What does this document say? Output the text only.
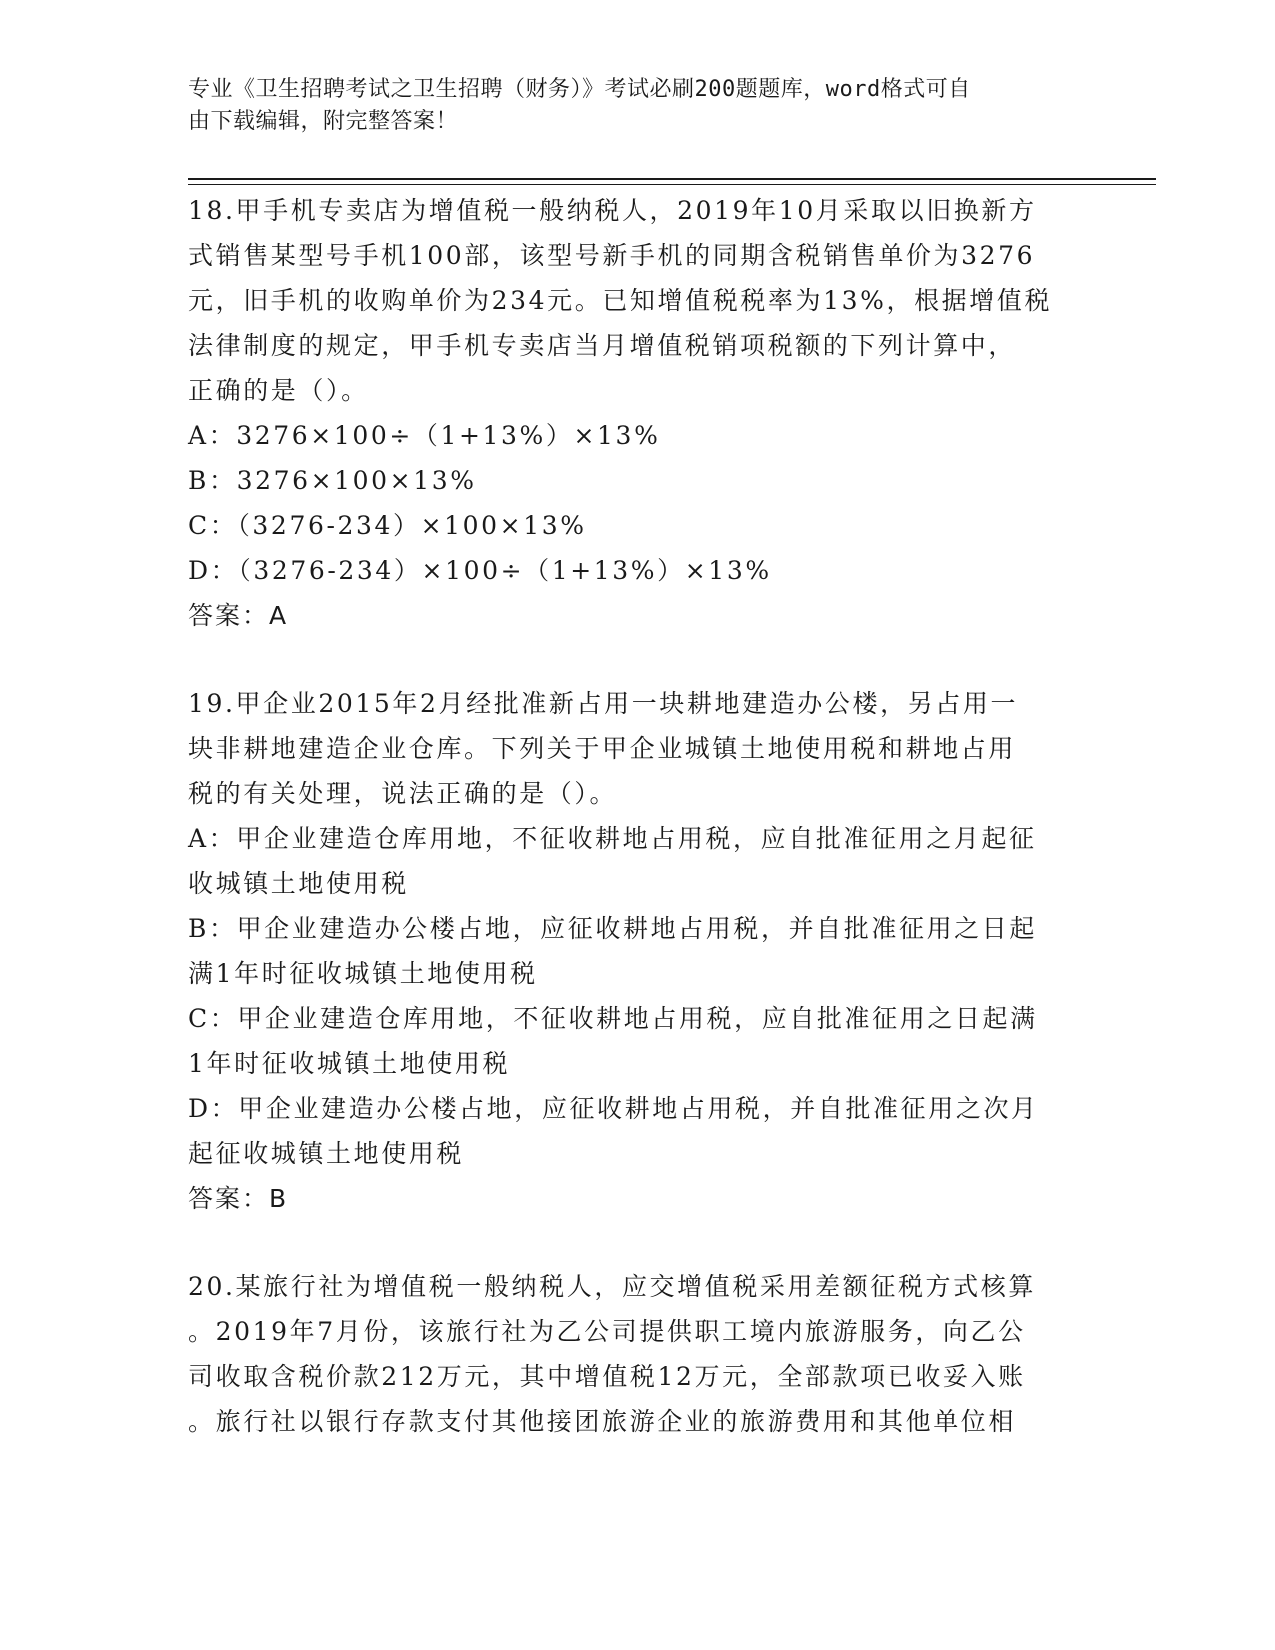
专业《卫生招聘考试之卫生招聘（财务）》考试必刷200题题库，word格式可自
由下载编辑，附完整答案！
18.甲手机专卖店为增值税一般纳税人，2019年10月采取以旧换新方
式销售某型号手机100部，该型号新手机的同期含税销售单价为3276
元，旧手机的收购单价为234元。已知增值税税率为13%，根据增值税
法律制度的规定，甲手机专卖店当月增值税销项税额的下列计算中，
正确的是（）。
A：3276×100÷（1+13%）×13%
B：3276×100×13%
C：（3276-234）×100×13%
D：（3276-234）×100÷（1+13%）×13%
答案：A
19.甲企业2015年2月经批准新占用一块耕地建造办公楼，另占用一
块非耕地建造企业仓库。下列关于甲企业城镇土地使用税和耕地占用
税的有关处理，说法正确的是（）。
A：甲企业建造仓库用地，不征收耕地占用税，应自批准征用之月起征
收城镇土地使用税
B：甲企业建造办公楼占地，应征收耕地占用税，并自批准征用之日起
满1年时征收城镇土地使用税
C：甲企业建造仓库用地，不征收耕地占用税，应自批准征用之日起满
1年时征收城镇土地使用税
D：甲企业建造办公楼占地，应征收耕地占用税，并自批准征用之次月
起征收城镇土地使用税
答案：B
20.某旅行社为增值税一般纳税人，应交增值税采用差额征税方式核算
。2019年7月份，该旅行社为乙公司提供职工境内旅游服务，向乙公
司收取含税价款212万元，其中增值税12万元，全部款项已收妥入账
。旅行社以银行存款支付其他接团旅游企业的旅游费用和其他单位相
